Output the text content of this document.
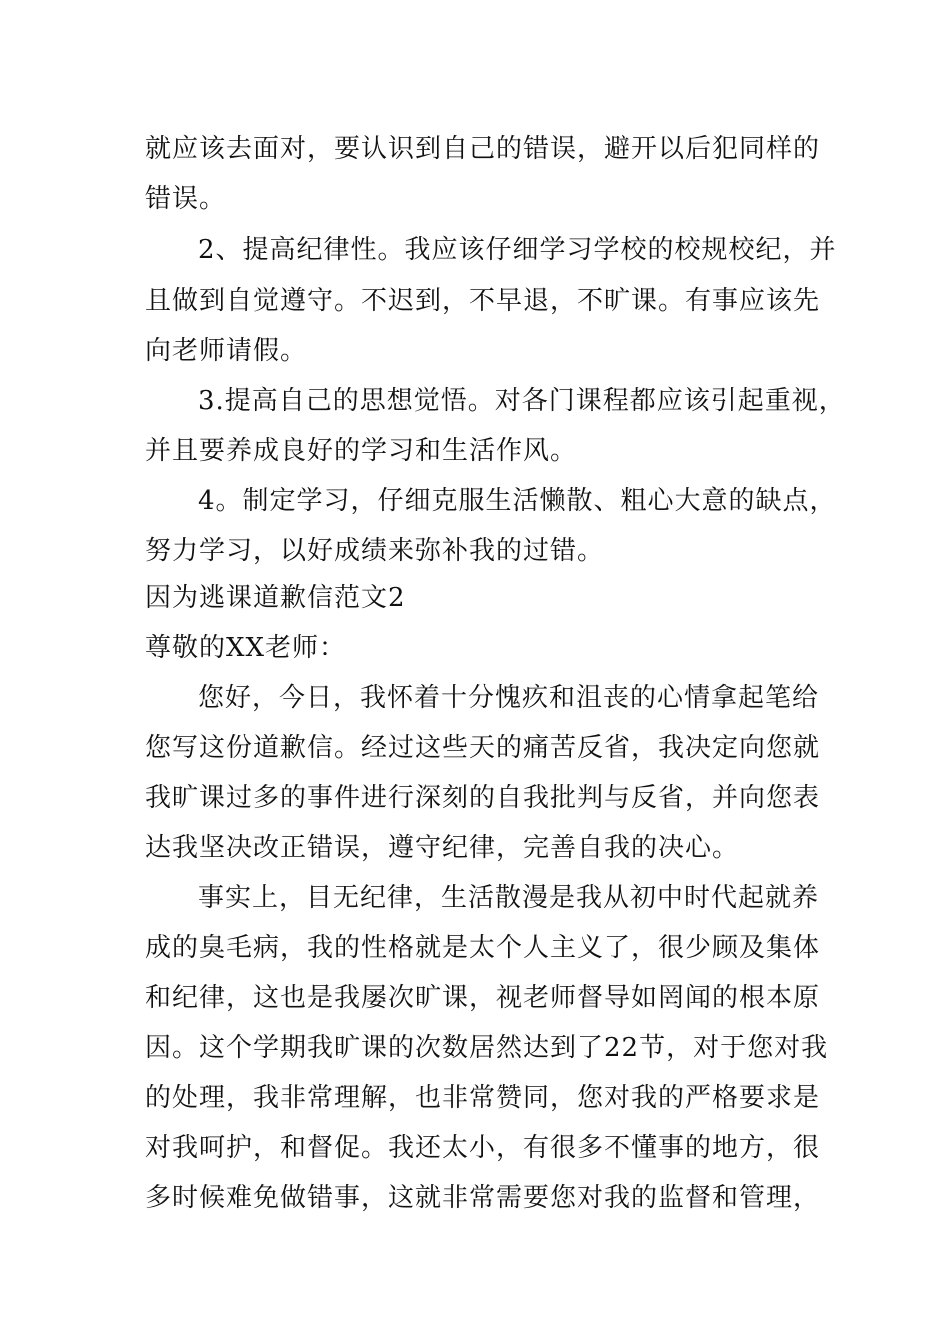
就应该去面对，要认识到自己的错误，避开以后犯同样的
错误。
2、提高纪律性。我应该仔细学习学校的校规校纪，并
且做到自觉遵守。不迟到，不早退，不旷课。有事应该先
向老师请假。
3.提高自己的思想觉悟。对各门课程都应该引起重视，
并且要养成良好的学习和生活作风。
4。制定学习，仔细克服生活懒散、粗心大意的缺点，
努力学习，以好成绩来弥补我的过错。
因为逃课道歉信范文2
尊敬的XX老师：
您好，今日，我怀着十分愧疚和沮丧的心情拿起笔给
您写这份道歉信。经过这些天的痛苦反省，我决定向您就
我旷课过多的事件进行深刻的自我批判与反省，并向您表
达我坚决改正错误，遵守纪律，完善自我的决心。
事实上，目无纪律，生活散漫是我从初中时代起就养
成的臭毛病，我的性格就是太个人主义了，很少顾及集体
和纪律，这也是我屡次旷课，视老师督导如罔闻的根本原
因。这个学期我旷课的次数居然达到了22节，对于您对我
的处理，我非常理解，也非常赞同，您对我的严格要求是
对我呵护，和督促。我还太小，有很多不懂事的地方，很
多时候难免做错事，这就非常需要您对我的监督和管理，
